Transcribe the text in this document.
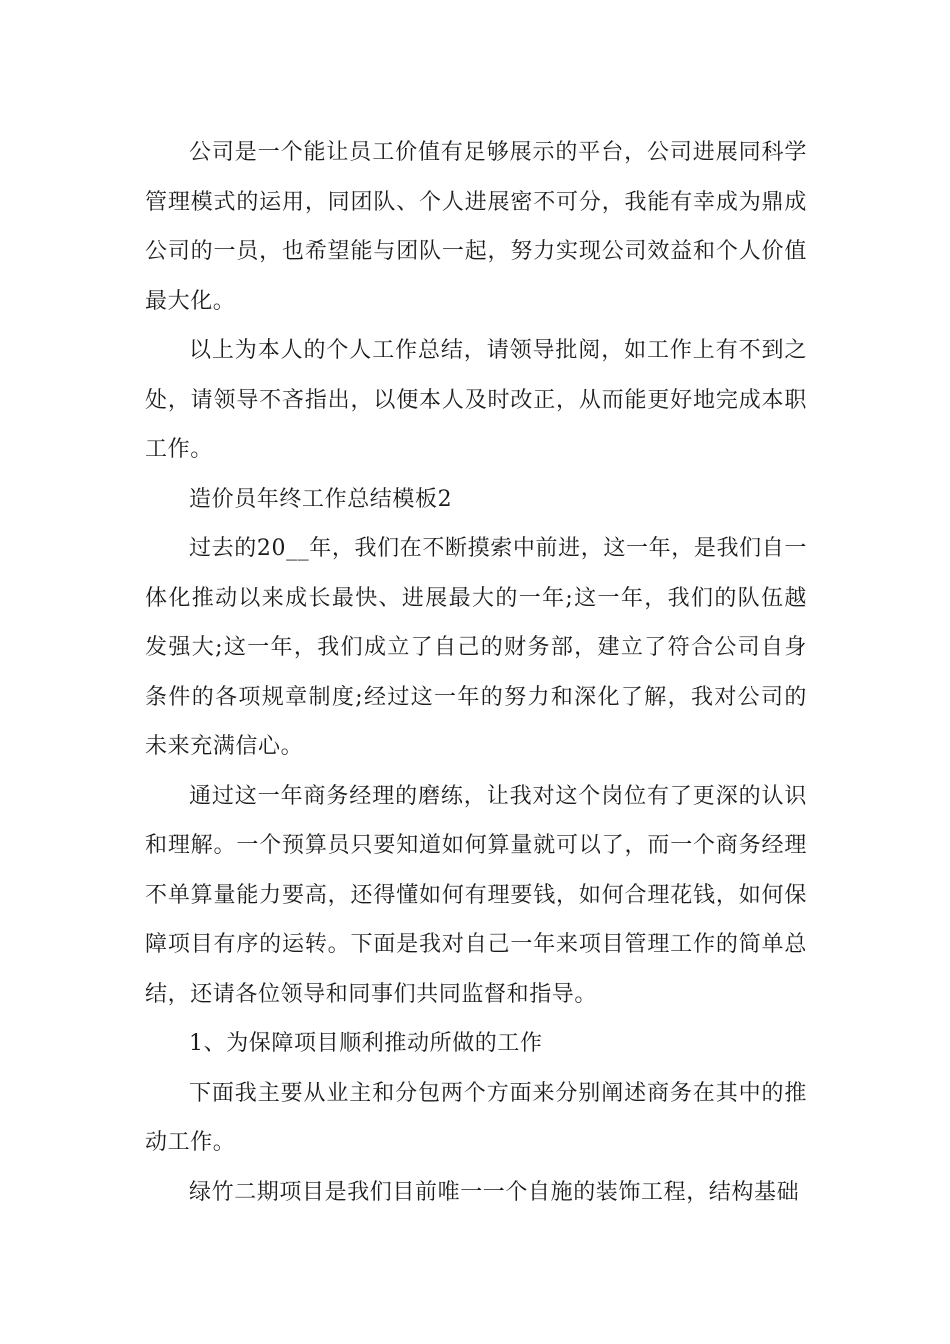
公司是一个能让员工价值有足够展示的平台，公司进展同科学管理模式的运用，同团队、个人进展密不可分，我能有幸成为鼎成公司的一员，也希望能与团队一起，努力实现公司效益和个人价值最大化。

以上为本人的个人工作总结，请领导批阅，如工作上有不到之处，请领导不吝指出，以便本人及时改正，从而能更好地完成本职工作。

造价员年终工作总结模板2

过去的20__年，我们在不断摸索中前进，这一年，是我们自一体化推动以来成长最快、进展最大的一年;这一年，我们的队伍越发强大;这一年，我们成立了自己的财务部，建立了符合公司自身条件的各项规章制度;经过这一年的努力和深化了解，我对公司的未来充满信心。

通过这一年商务经理的磨练，让我对这个岗位有了更深的认识和理解。一个预算员只要知道如何算量就可以了，而一个商务经理不单算量能力要高，还得懂如何有理要钱，如何合理花钱，如何保障项目有序的运转。下面是我对自己一年来项目管理工作的简单总结，还请各位领导和同事们共同监督和指导。

1、为保障项目顺利推动所做的工作

下面我主要从业主和分包两个方面来分别阐述商务在其中的推动工作。

绿竹二期项目是我们目前唯一一个自施的装饰工程，结构基础
